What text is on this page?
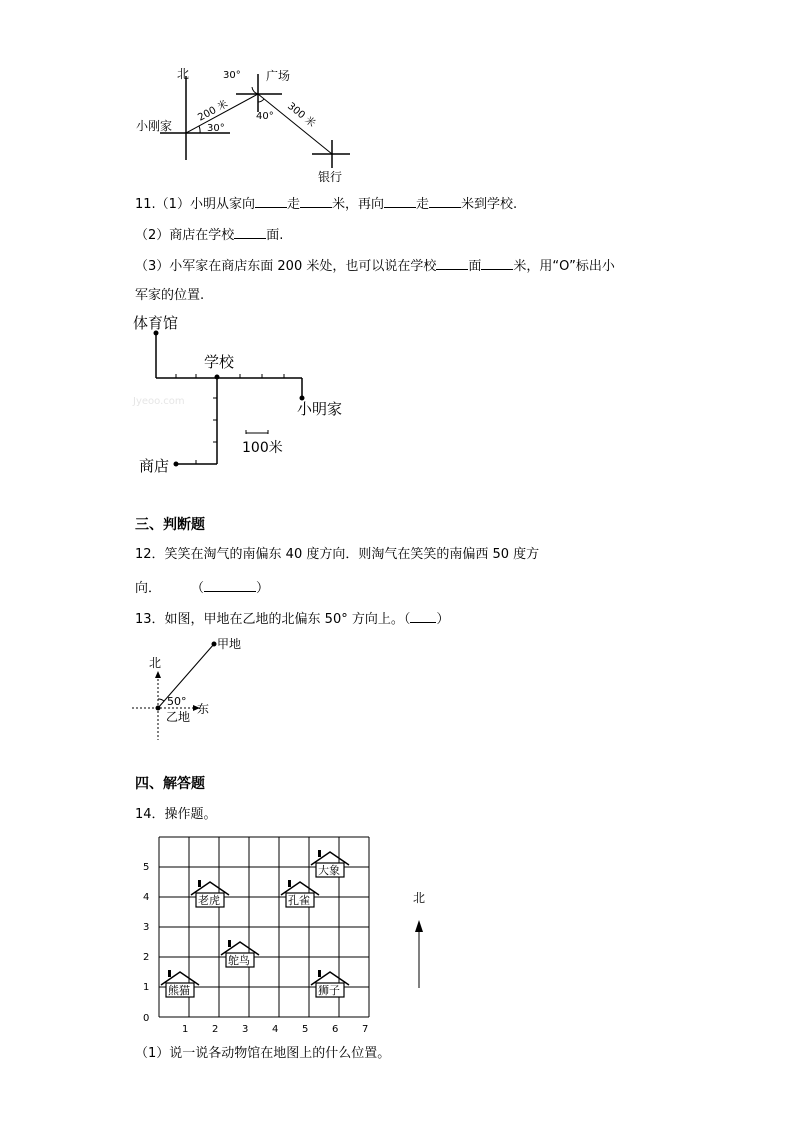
北	30° 广场
200 米	300 米
40°
小刚家	30°
银行
11.（1）小明从家向 走 米，再向 走 米到学校.
（2）商店在学校 面.
（3）小军家在商店东面 200 米处，也可以说在学校 面 米，用“O”标出小
军家的位置.
体育馆
学校
小明家
商店
100米
Jyeoo.com
三、判断题
12．笑笑在淘气的南偏东 40 度方向．则淘气在笑笑的南偏西 50 度方
向． （	）
13．如图，甲地在乙地的北偏东 50° 方向上。（ ）
北
甲地
50°
乙地
东
四、解答题
14．操作题。
0
1
2
3
4
5
1 2 3 4 5 6 7
大象
老虎	孔雀
鸵鸟
熊猫	狮子
北
（1）说一说各动物馆在地图上的什么位置。
